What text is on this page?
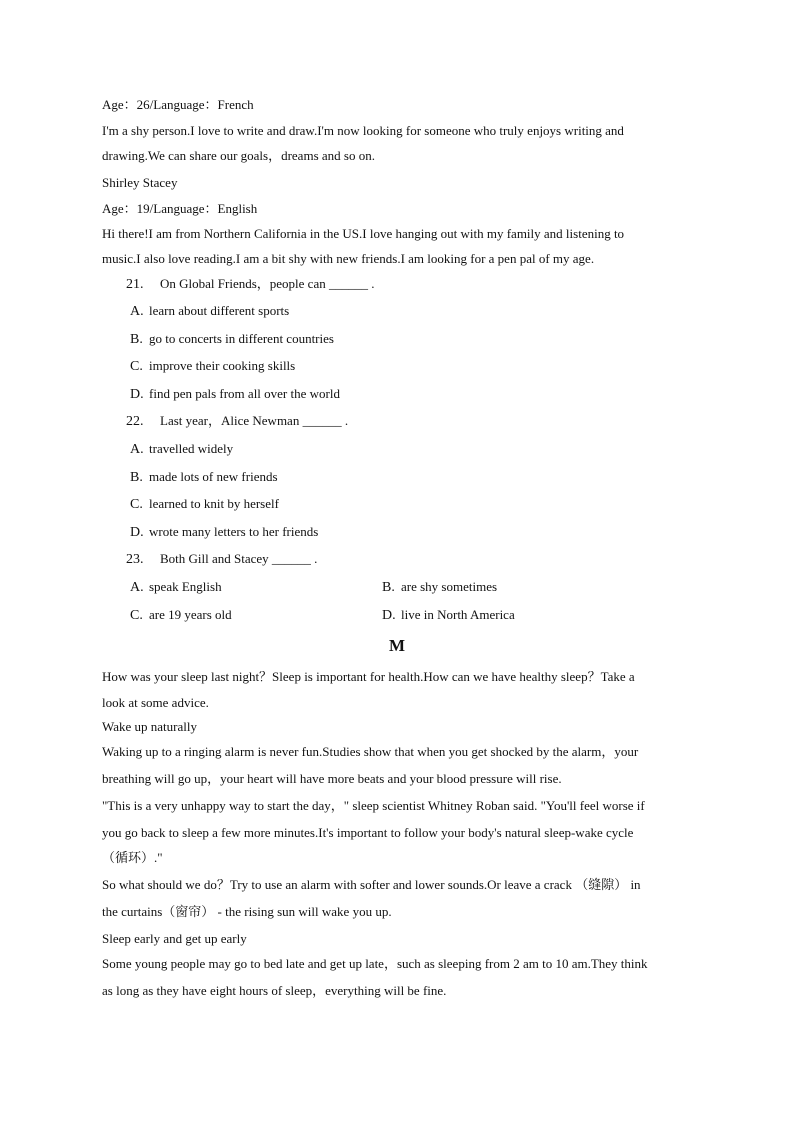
Age：26/Language：French
I'm a shy person.I love to write and draw.I'm now looking for someone who truly enjoys writing and
drawing.We can share our goals，dreams and so on.
Shirley Stacey
Age：19/Language：English
Hi there!I am from Northern California in the US.I love hanging out with my family and listening to
music.I also love reading.I am a bit shy with new friends.I am looking for a pen pal of my age.
21. On Global Friends，people can ______ .
A. learn about different sports
B. go to concerts in different countries
C. improve their cooking skills
D. find pen pals from all over the world
22. Last year，Alice Newman ______ .
A. travelled widely
B. made lots of new friends
C. learned to knit by herself
D. wrote many letters to her friends
23. Both Gill and Stacey ______ .
A. speak English	B. are shy sometimes
C. are 19 years old	D. live in North America
M
How was your sleep last night？Sleep is important for health.How can we have healthy sleep？Take a
look at some advice.
Wake up naturally
Waking up to a ringing alarm is never fun.Studies show that when you get shocked by the alarm，your
breathing will go up，your heart will have more beats and your blood pressure will rise.
"This is a very unhappy way to start the day，" sleep scientist Whitney Roban said. "You'll feel worse if
you go back to sleep a few more minutes.It's important to follow your body's natural sleep-wake cycle
（循环）."
So what should we do？Try to use an alarm with softer and lower sounds.Or leave a crack （缝隙） in
the curtains（窗帘） - the rising sun will wake you up.
Sleep early and get up early
Some young people may go to bed late and get up late，such as sleeping from 2 am to 10 am.They think
as long as they have eight hours of sleep，everything will be fine.
